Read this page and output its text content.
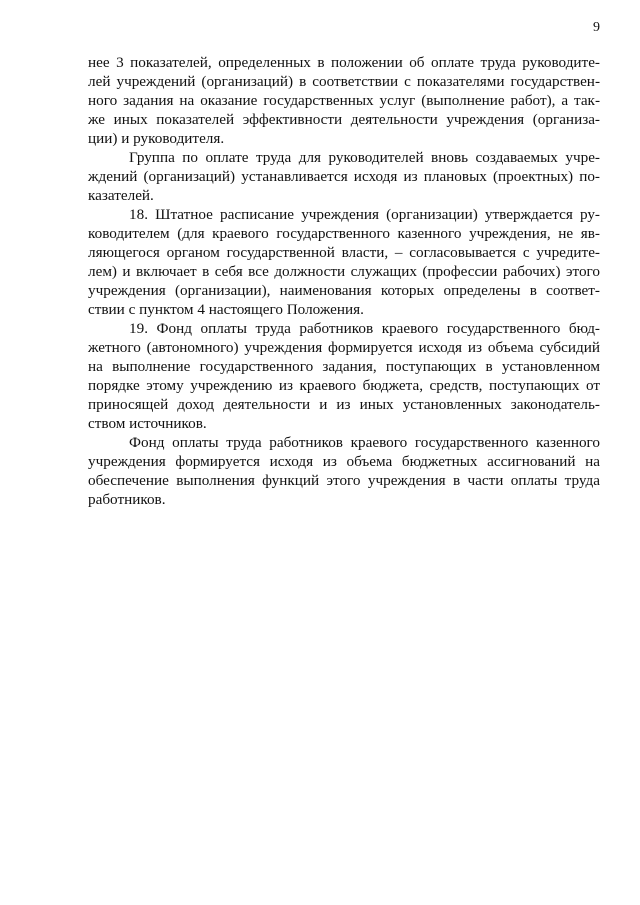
9
нее 3 показателей, определенных в положении об оплате труда руководите-
лей учреждений (организаций) в соответствии с показателями государствен-
ного задания на оказание государственных услуг (выполнение работ), а так-
же иных показателей эффективности деятельности учреждения (организа-
ции) и руководителя.
Группа по оплате труда для руководителей вновь создаваемых учре-
ждений (организаций) устанавливается исходя из плановых (проектных) по-
казателей.
18. Штатное расписание учреждения (организации) утверждается ру-
ководителем (для краевого государственного казенного учреждения, не яв-
ляющегося органом государственной власти, – согласовывается с учредите-
лем) и включает в себя все должности служащих (профессии рабочих) этого
учреждения (организации), наименования которых определены в соответ-
ствии с пунктом 4 настоящего Положения.
19. Фонд оплаты труда работников краевого государственного бюд-
жетного (автономного) учреждения формируется исходя из объема субсидий
на выполнение государственного задания, поступающих в установленном
порядке этому учреждению из краевого бюджета, средств, поступающих от
приносящей доход деятельности и из иных установленных законодатель-
ством источников.
Фонд оплаты труда работников краевого государственного казенного
учреждения формируется исходя из объема бюджетных ассигнований на
обеспечение выполнения функций этого учреждения в части оплаты труда
работников.
